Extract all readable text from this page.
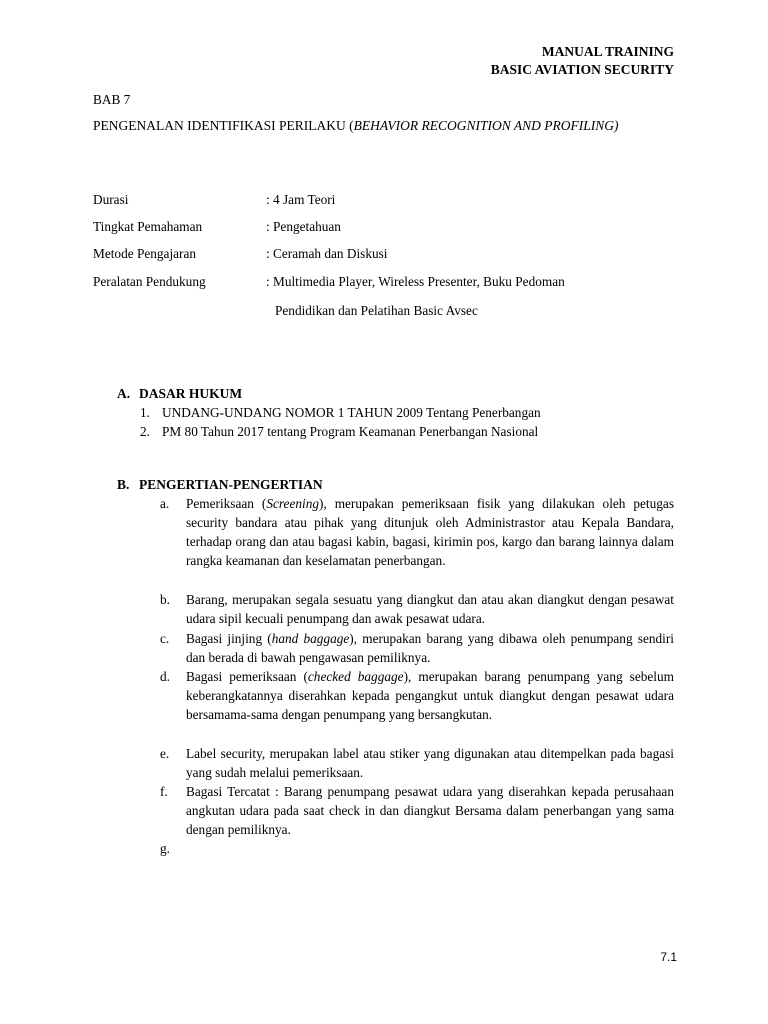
MANUAL TRAINING
BASIC AVIATION SECURITY
BAB 7
PENGENALAN IDENTIFIKASI PERILAKU (BEHAVIOR RECOGNITION AND PROFILING)
Durasi	: 4 Jam Teori
Tingkat Pemahaman	: Pengetahuan
Metode Pengajaran	: Ceramah dan Diskusi
Peralatan Pendukung	: Multimedia Player, Wireless Presenter, Buku Pedoman
Pendidikan dan Pelatihan Basic Avsec
A. DASAR HUKUM
1. UNDANG-UNDANG NOMOR 1 TAHUN 2009 Tentang Penerbangan
2. PM 80 Tahun 2017 tentang Program Keamanan Penerbangan Nasional
B. PENGERTIAN-PENGERTIAN
a.	Pemeriksaan (Screening), merupakan pemeriksaan fisik yang dilakukan oleh petugas security bandara atau pihak yang ditunjuk oleh Administrastor atau Kepala Bandara, terhadap orang dan atau bagasi kabin, bagasi, kirimin pos, kargo dan barang lainnya dalam rangka keamanan dan keselamatan penerbangan.
b.	Barang, merupakan segala sesuatu yang diangkut dan atau akan diangkut dengan pesawat udara sipil kecuali penumpang dan awak pesawat udara.
c.	Bagasi jinjing (hand baggage), merupakan barang yang dibawa oleh penumpang sendiri dan berada di bawah pengawasan pemiliknya.
d.	Bagasi pemeriksaan (checked baggage), merupakan barang penumpang yang sebelum keberangkatannya diserahkan kepada pengangkut untuk diangkut dengan pesawat udara bersamama-sama dengan penumpang yang bersangkutan.
e.	Label security, merupakan label atau stiker yang digunakan atau ditempelkan pada bagasi yang sudah melalui pemeriksaan.
f.	Bagasi Tercatat : Barang penumpang pesawat udara yang diserahkan kepada perusahaan angkutan udara pada saat check in dan diangkut Bersama dalam penerbangan yang sama dengan pemiliknya.
g.

7.1
